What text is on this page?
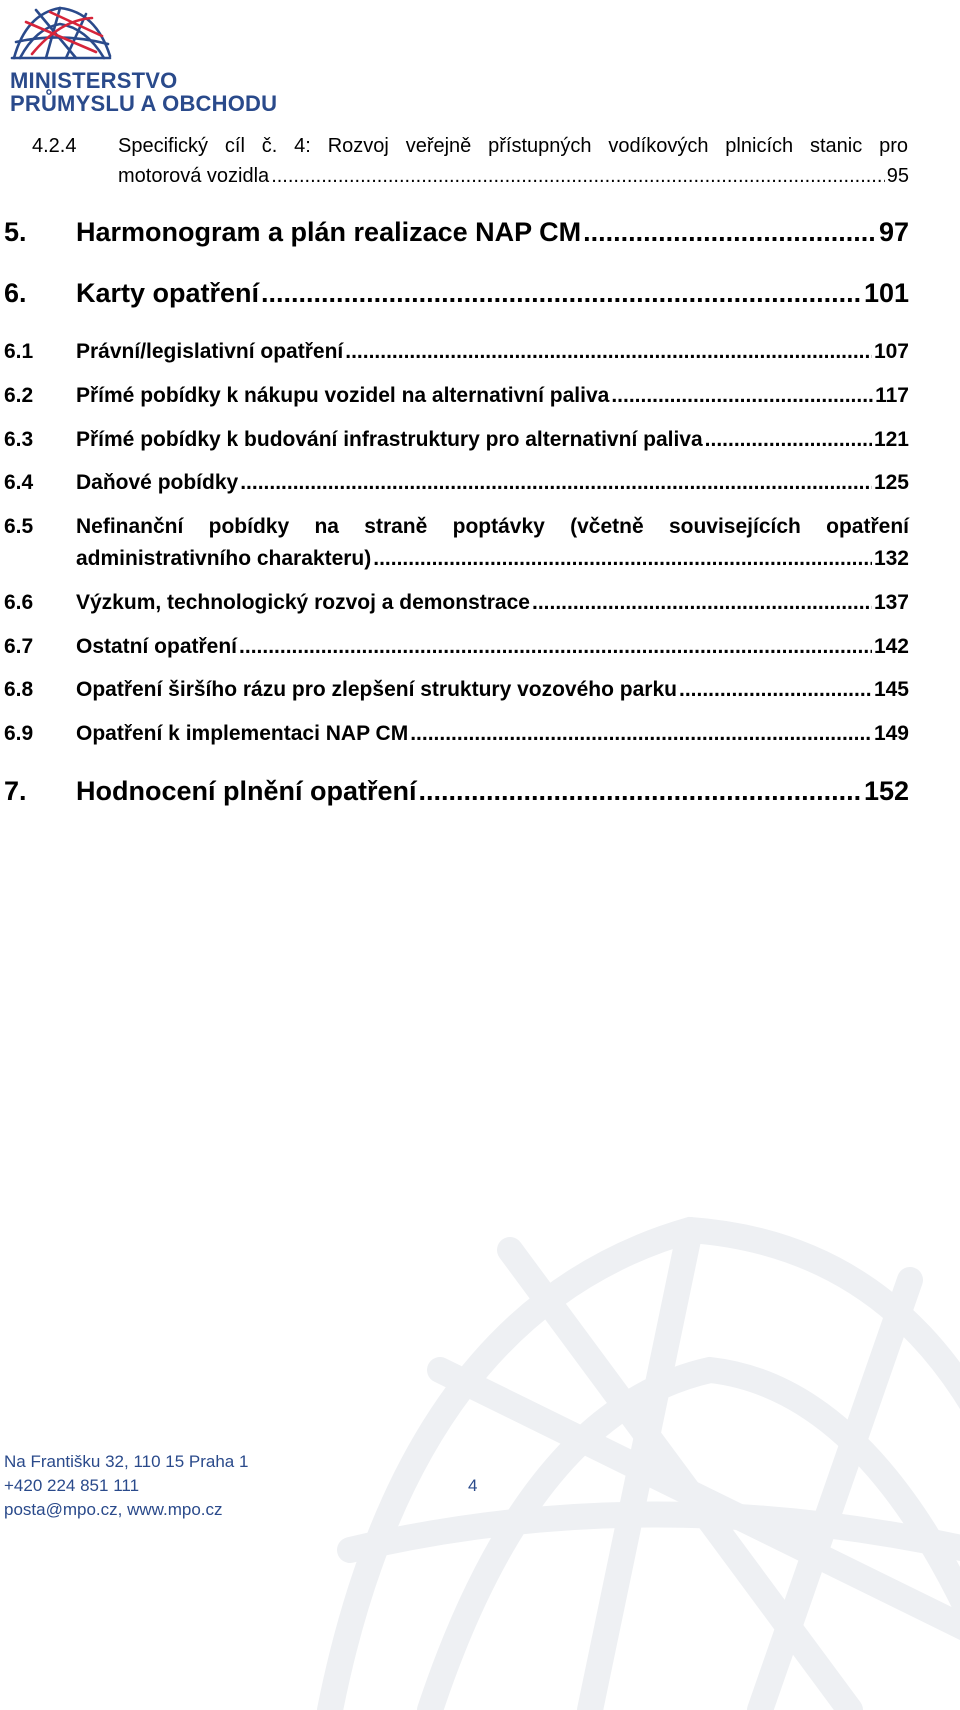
MINISTERSTVO
PRŮMYSLU A OBCHODU
4.2.4 Specifický cíl č. 4: Rozvoj veřejně přístupných vodíkových plnicích stanic pro
motorová vozidla .....	95
5. Harmonogram a plán realizace NAP CM .....	97
6. Karty opatření .....	101
6.1 Právní/legislativní opatření .....	107
6.2 Přímé pobídky k nákupu vozidel na alternativní paliva .....	117
6.3 Přímé pobídky k budování infrastruktury pro alternativní paliva .....	121
6.4 Daňové pobídky .....	125
6.5 Nefinanční pobídky na straně poptávky (včetně souvisejících opatření
administrativního charakteru) .....	132
6.6 Výzkum, technologický rozvoj a demonstrace .....	137
6.7 Ostatní opatření .....	142
6.8 Opatření širšího rázu pro zlepšení struktury vozového parku .....	145
6.9 Opatření k implementaci NAP CM .....	149
7. Hodnocení plnění opatření .....	152
Na Františku 32, 110 15 Praha 1
+420 224 851 111
posta@mpo.cz, www.mpo.cz
4
